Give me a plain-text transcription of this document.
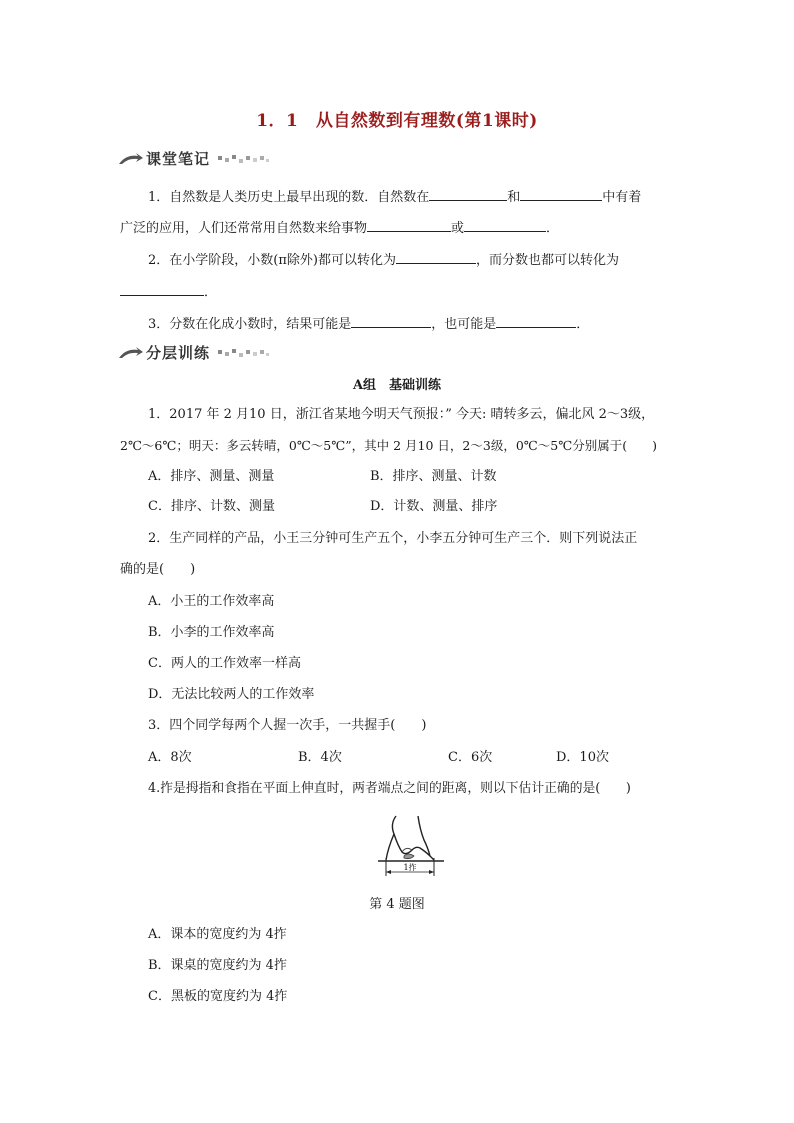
1．1　从自然数到有理数(第1课时)
课堂笔记
1．自然数是人类历史上最早出现的数．自然数在	和	中有着
广泛的应用，人们还常常用自然数来给事物	或	．
2．在小学阶段，小数(π除外)都可以转化为	，而分数也都可以转化为
．
3．分数在化成小数时，结果可能是	，也可能是	．
分层训练
A组　基础训练
1．2017 年 2 月10 日，浙江省某地今明天气预报：” 今天: 晴转多云，偏北风 2～3级，
2℃～6℃；明天：多云转晴，0℃～5℃”，其中 2 月10 日，2～3级，0℃～5℃分别属于(　　)
A．排序、测量、测量	B．排序、测量、计数
C．排序、计数、测量	D．计数、测量、排序
2．生产同样的产品，小王三分钟可生产五个，小李五分钟可生产三个．则下列说法正
确的是(　　)
A．小王的工作效率高
B．小李的工作效率高
C．两人的工作效率一样高
D．无法比较两人的工作效率
3．四个同学每两个人握一次手，一共握手(　　)
A．8次	B．4次	C．6次	D．10次
4.拃是拇指和食指在平面上伸直时，两者端点之间的距离，则以下估计正确的是(　　)
1拃
第 4 题图
A．课本的宽度约为 4拃
B．课桌的宽度约为 4拃
C．黑板的宽度约为 4拃
